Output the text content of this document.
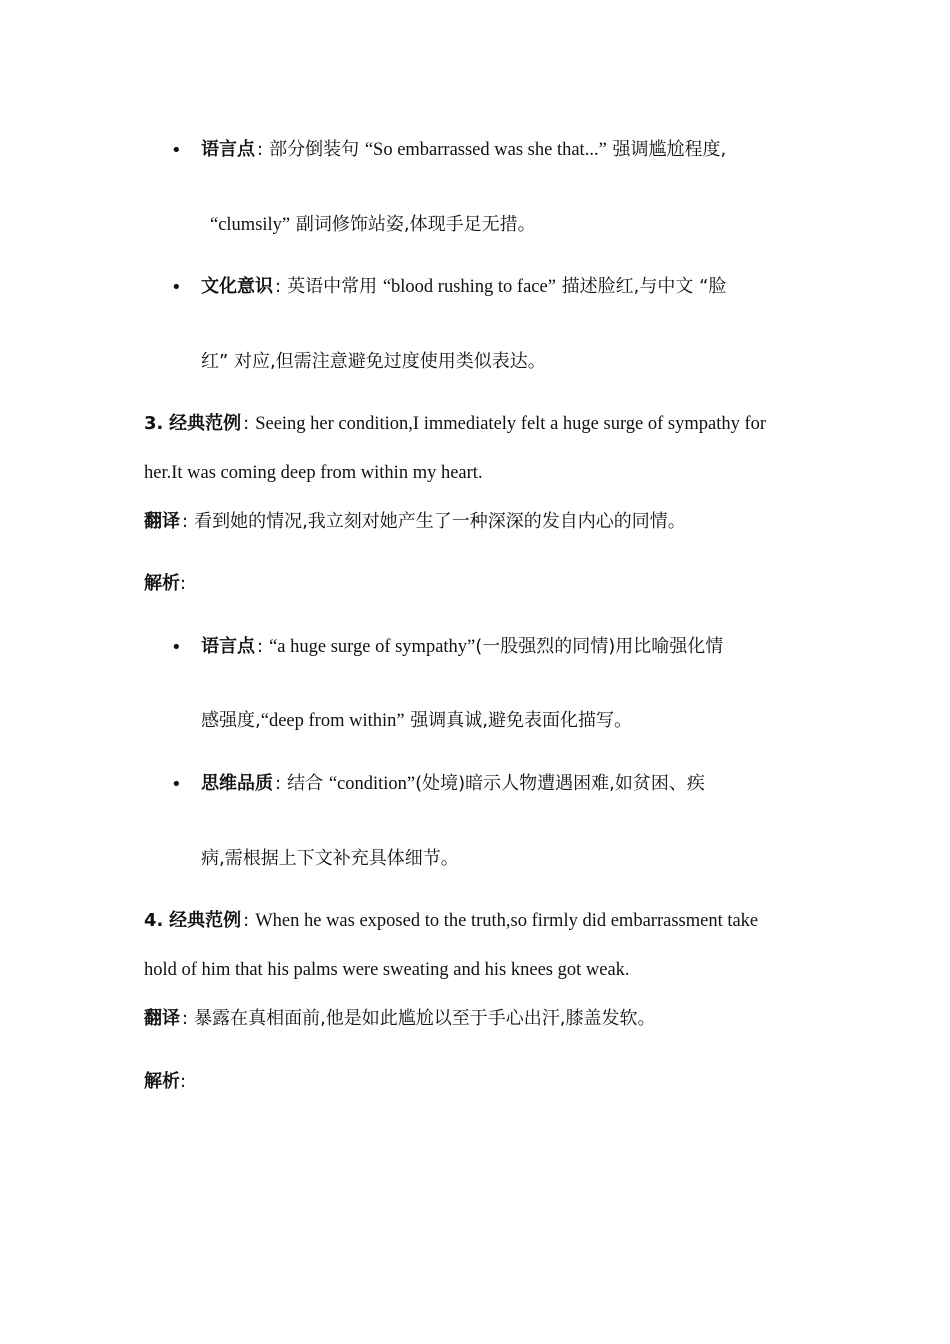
• 语言点 : 部分倒装句 “So embarrassed was she that...” 强调尴尬程度,
“clumsily” 副词修饰站姿,体现手足无措。
• 文化意识 : 英语中常用 “blood rushing to face” 描述脸红,与中文 “脸
红” 对应,但需注意避免过度使用类似表达。
3. 经典范例 : Seeing her condition,I immediately felt a huge surge of sympathy for
her.It was coming deep from within my heart.
翻译 : 看到她的情况,我立刻对她产生了一种深深的发自内心的同情。
解析:
• 语言点 : “a huge surge of sympathy”(一股强烈的同情)用比喻强化情
感强度,“deep from within” 强调真诚,避免表面化描写。
• 思维品质 : 结合 “condition”(处境)暗示人物遭遇困难,如贫困、疾
病,需根据上下文补充具体细节。
4. 经典范例 : When he was exposed to the truth,so firmly did embarrassment take
hold of him that his palms were sweating and his knees got weak.
翻译 : 暴露在真相面前,他是如此尴尬以至于手心出汗,膝盖发软。
解析:
